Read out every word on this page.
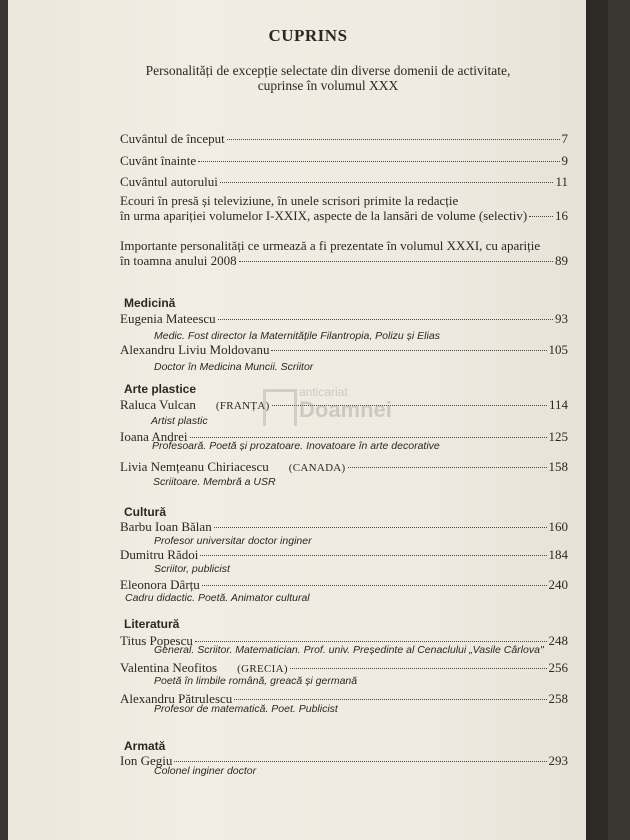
CUPRINS
Personalități de excepție selectate din diverse domenii de activitate,
cuprinse în volumul XXX
Cuvântul de început	7
Cuvânt înainte	9
Cuvântul autorului	11
Ecouri în presă și televiziune, în unele scrisori primite la redacție
în urma apariției volumelor I-XXIX, aspecte de la lansări de volume (selectiv) 16
Importante personalități ce urmează a fi prezentate în volumul XXXI, cu apariție
în toamna anului 2008	89
Medicină
Eugenia Mateescu	93
Medic. Fost director la Maternitățile Filantropia, Polizu și Elias
Alexandru Liviu Moldovanu	105
Doctor în Medicina Muncii. Scriitor
Arte plastice
Raluca Vulcan (FRANȚA)	114
Artist plastic
Ioana Andrei	125
Profesoară. Poetă și prozatoare. Inovatoare în arte decorative
Livia Nemțeanu Chiriacescu (CANADA)	158
Scriitoare. Membră a USR
Cultură
Barbu Ioan Bălan	160
Profesor universitar doctor inginer
Dumitru Rădoi	184
Scriitor, publicist
Eleonora Dârțu	240
Cadru didactic. Poetă. Animator cultural
Literatură
Titus Popescu	248
General. Scriitor. Matematician. Prof. univ. Președinte al Cenaclului „Vasile Cârlova"
Valentina Neofitos (GRECIA)	256
Poetă în limbile română, greacă și germană
Alexandru Pătrulescu	258
Profesor de matematică. Poet. Publicist
Armată
Ion Gegiu	293
Colonel inginer doctor
anticariat
Doamnei
